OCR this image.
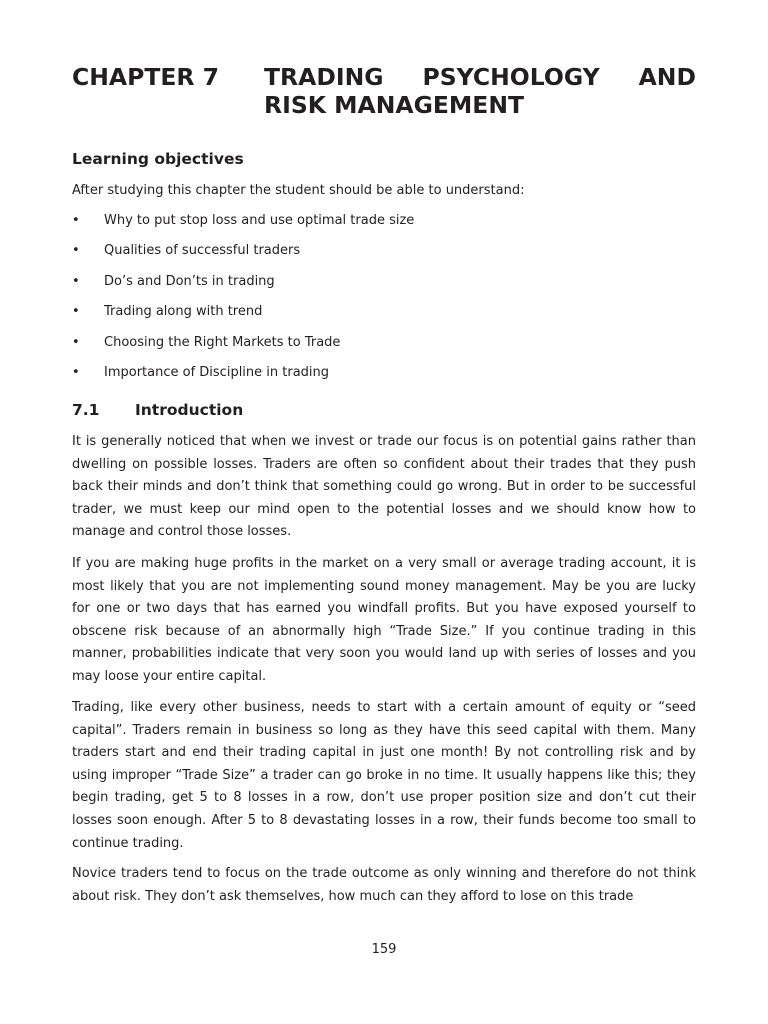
CHAPTER 7	TRADING PSYCHOLOGY AND
RISK MANAGEMENT
Learning objectives
After studying this chapter the student should be able to understand:
•	Why to put stop loss and use optimal trade size
•	Qualities of successful traders
•	Do’s and Don’ts in trading
•	Trading along with trend
•	Choosing the Right Markets to Trade
•	Importance of Discipline in trading
7.1	Introduction

It is generally noticed that when we invest or trade our focus is on potential gains rather than dwelling on possible losses. Traders are often so confident about their trades that they push back their minds and don’t think that something could go wrong. But in order to be successful trader, we must keep our mind open to the potential losses and we should know how to manage and control those losses.

If you are making huge profits in the market on a very small or average trading account, it is most likely that you are not implementing sound money management. May be you are lucky for one or two days that has earned you windfall profits. But you have exposed yourself to obscene risk because of an abnormally high “Trade Size.” If you continue trading in this manner, probabilities indicate that very soon you would land up with series of losses and you may loose your entire capital.

Trading, like every other business, needs to start with a certain amount of equity or “seed capital”. Traders remain in business so long as they have this seed capital with them. Many traders start and end their trading capital in just one month! By not controlling risk and by using improper “Trade Size” a trader can go broke in no time. It usually happens like this; they begin trading, get 5 to 8 losses in a row, don’t use proper position size and don’t cut their losses soon enough. After 5 to 8 devastating losses in a row, their funds become too small to continue trading.

Novice traders tend to focus on the trade outcome as only winning and therefore do not think about risk. They don’t ask themselves, how much can they afford to lose on this trade

159
